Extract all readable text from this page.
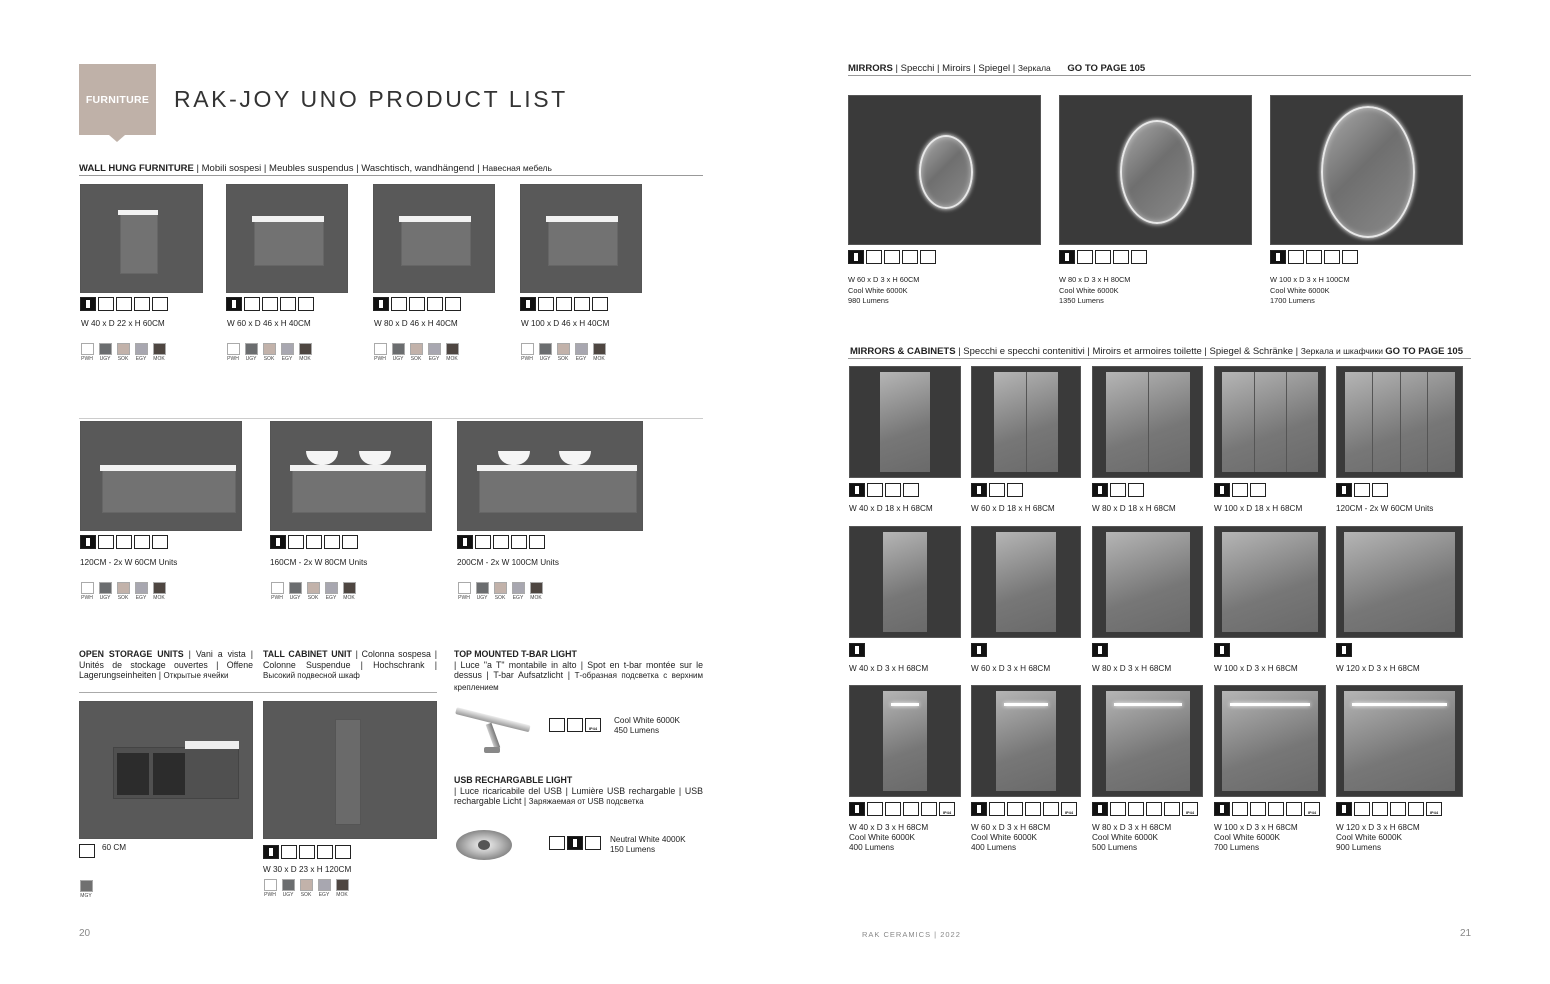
FURNITURE RAK-JOY UNO PRODUCT LIST
WALL HUNG FURNITURE | Mobili sospesi | Meubles suspendus | Waschtisch, wandhängend | Навесная мебель
OPEN STORAGE UNITS | Vani a vista | Unités de stockage ouvertes | Offene Lagerungseinheiten | Открытые ячейки
TALL CABINET UNIT | Colonna sospesa | Colonne Suspendue | Hochschrank | Высокий подвесной шкаф
TOP MOUNTED T-BAR LIGHT
| Luce "a T" montabile in alto | Spot en t-bar montée sur le dessus | T-bar Aufsatzlicht | Т-образная подсветка с верхним креплением
USB RECHARGABLE LIGHT
| Luce ricaricabile del USB | Lumière USB rechargable | USB rechargable Licht | Заряжаемая от USB подсветка
60 CM
MGY
W 30 x D 23 x H 120CM
PWH UGY SOK EGY MOK
IP44
Cool White 6000K
450 Lumens
Neutral White 4000K
150 Lumens
20
MIRRORS | Specchi | Miroirs | Spiegel | Зеркала GO TO PAGE 105
MIRRORS & CABINETS | Specchi e specchi contenitivi | Miroirs et armoires toilette | Spiegel & Schränke | Зеркала и шкафчики GO TO PAGE 105
RAK CERAMICS | 2022	21
W 40 x D 22 x H 60CM
PWH UGY SOK EGY MOK
W 60 x D 46 x H 40CM
PWH UGY SOK EGY MOK
W 80 x D 46 x H 40CM
PWH UGY SOK EGY MOK
W 100 x D 46 x H 40CM
PWH UGY SOK EGY MOK
120CM - 2x W 60CM Units
PWH UGY SOK EGY MOK
160CM - 2x W 80CM Units
PWH UGY SOK EGY MOK
200CM - 2x W 100CM Units
PWH UGY SOK EGY MOK
W 60 x D 3 x H 60CM
Cool White 6000K
980 Lumens
W 80 x D 3 x H 80CM
Cool White 6000K
1350 Lumens
W 100 x D 3 x H 100CM
Cool White 6000K
1700 Lumens
W 40 x D 18 x H 68CM	W 60 x D 18 x H 68CM	W 80 x D 18 x H 68CM	W 100 x D 18 x H 68CM	120CM - 2x W 60CM Units
W 40 x D 3 x H 68CM	W 60 x D 3 x H 68CM	W 80 x D 3 x H 68CM	W 100 x D 3 x H 68CM	W 120 x D 3 x H 68CM
IP44
W 40 x D 3 x H 68CM
Cool White 6000K
400 Lumens
IP44
W 60 x D 3 x H 68CM
Cool White 6000K
400 Lumens
IP44
W 80 x D 3 x H 68CM
Cool White 6000K
500 Lumens
IP44
W 100 x D 3 x H 68CM
Cool White 6000K
700 Lumens
IP44
W 120 x D 3 x H 68CM
Cool White 6000K
900 Lumens
